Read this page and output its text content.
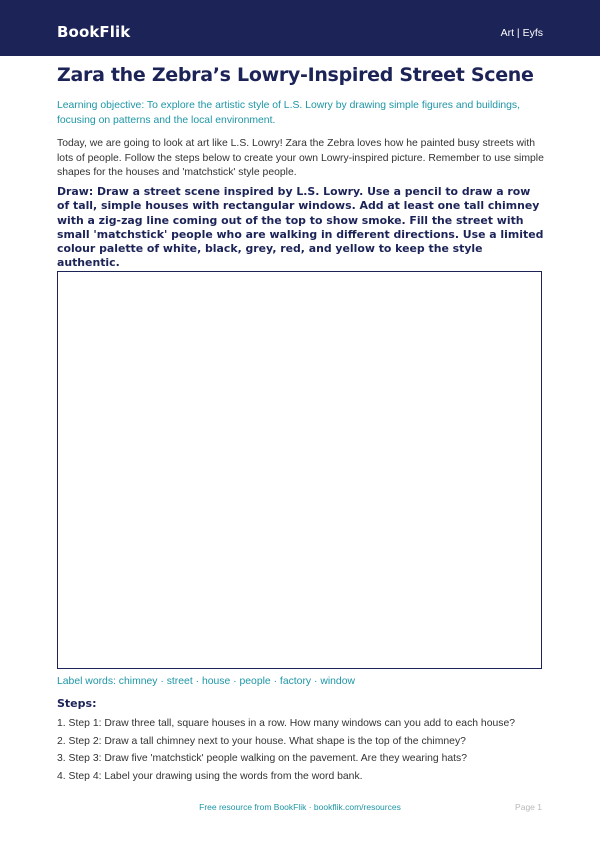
BookFlik	Art | Eyfs
Zara the Zebra’s Lowry-Inspired Street Scene

Learning objective: To explore the artistic style of L.S. Lowry by drawing simple figures and buildings, focusing on patterns and the local environment.

Today, we are going to look at art like L.S. Lowry! Zara the Zebra loves how he painted busy streets with lots of people. Follow the steps below to create your own Lowry-inspired picture. Remember to use simple shapes for the houses and 'matchstick' style people.

Draw: Draw a street scene inspired by L.S. Lowry. Use a pencil to draw a row of tall, simple houses with rectangular windows. Add at least one tall chimney with a zig-zag line coming out of the top to show smoke. Fill the street with small 'matchstick' people who are walking in different directions. Use a limited colour palette of white, black, grey, red, and yellow to keep the style authentic.

Label words: chimney · street · house · people · factory · window
Steps:
1. Step 1: Draw three tall, square houses in a row. How many windows can you add to each house?
2. Step 2: Draw a tall chimney next to your house. What shape is the top of the chimney?
3. Step 3: Draw five 'matchstick' people walking on the pavement. Are they wearing hats?
4. Step 4: Label your drawing using the words from the word bank.
Free resource from BookFlik · bookflik.com/resources	Page 1
